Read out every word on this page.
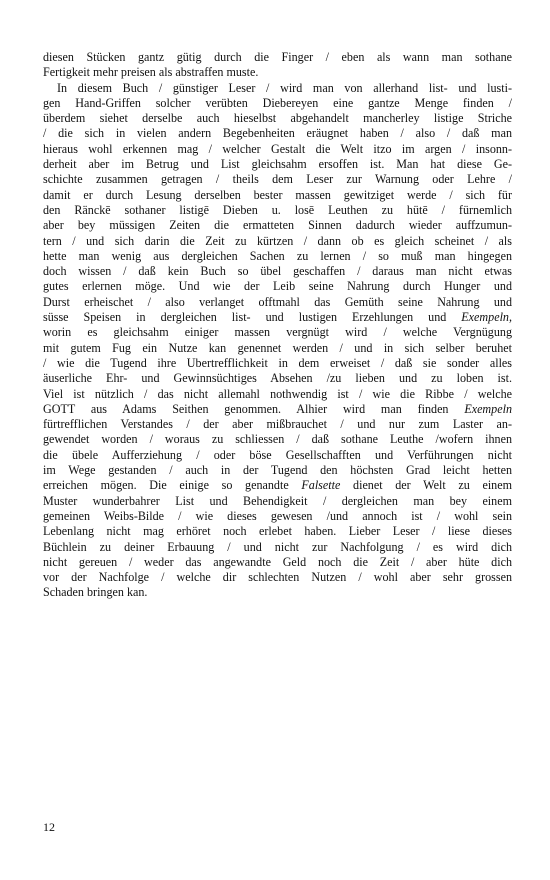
diesen Stücken gantz gütig durch die Finger / eben als wann man sothane
Fertigkeit mehr preisen als abstraffen muste.
In diesem Buch / günstiger Leser / wird man von allerhand list- und lusti-
gen Hand-Griffen solcher verübten Diebereyen eine gantze Menge finden /
überdem siehet derselbe auch hieselbst abgehandelt mancherley listige Striche
/ die sich in vielen andern Begebenheiten eräugnet haben / also / daß man
hieraus wohl erkennen mag / welcher Gestalt die Welt itzo im argen / insonn-
derheit aber im Betrug und List gleichsahm ersoffen ist. Man hat diese Ge-
schichte zusammen getragen / theils dem Leser zur Warnung oder Lehre /
damit er durch Lesung derselben bester massen gewitziget werde / sich für
den Ränckē sothaner listigē Dieben u. losē Leuthen zu hütē / fürnemlich
aber bey müssigen Zeiten die ermatteten Sinnen dadurch wieder auffzumun-
tern / und sich darin die Zeit zu kürtzen / dann ob es gleich scheinet / als
hette man wenig aus dergleichen Sachen zu lernen / so muß man hingegen
doch wissen / daß kein Buch so übel geschaffen / daraus man nicht etwas
gutes erlernen möge. Und wie der Leib seine Nahrung durch Hunger und
Durst erheischet / also verlanget offtmahl das Gemüth seine Nahrung und
süsse Speisen in dergleichen list- und lustigen Erzehlungen und Exempeln,
worin es gleichsahm einiger massen vergnügt wird / welche Vergnügung
mit gutem Fug ein Nutze kan genennet werden / und in sich selber beruhet
/ wie die Tugend ihre Ubertrefflichkeit in dem erweiset / daß sie sonder alles
äuserliche Ehr- und Gewinnsüchtiges Absehen /zu lieben und zu loben ist.
Viel ist nützlich / das nicht allemahl nothwendig ist / wie die Ribbe / welche
GOTT aus Adams Seithen genommen. Alhier wird man finden Exempeln
fürtrefflichen Verstandes / der aber mißbrauchet / und nur zum Laster an-
gewendet worden / woraus zu schliessen / daß sothane Leuthe /wofern ihnen
die übele Aufferziehung / oder böse Gesellschafften und Verführungen nicht
im Wege gestanden / auch in der Tugend den höchsten Grad leicht hetten
erreichen mögen. Die einige so genandte Falsette dienet der Welt zu einem
Muster wunderbahrer List und Behendigkeit / dergleichen man bey einem
gemeinen Weibs-Bilde / wie dieses gewesen /und annoch ist / wohl sein
Lebenlang nicht mag erhöret noch erlebet haben. Lieber Leser / liese dieses
Büchlein zu deiner Erbauung / und nicht zur Nachfolgung / es wird dich
nicht gereuen / weder das angewandte Geld noch die Zeit / aber hüte dich
vor der Nachfolge / welche dir schlechten Nutzen / wohl aber sehr grossen
Schaden bringen kan.
12
